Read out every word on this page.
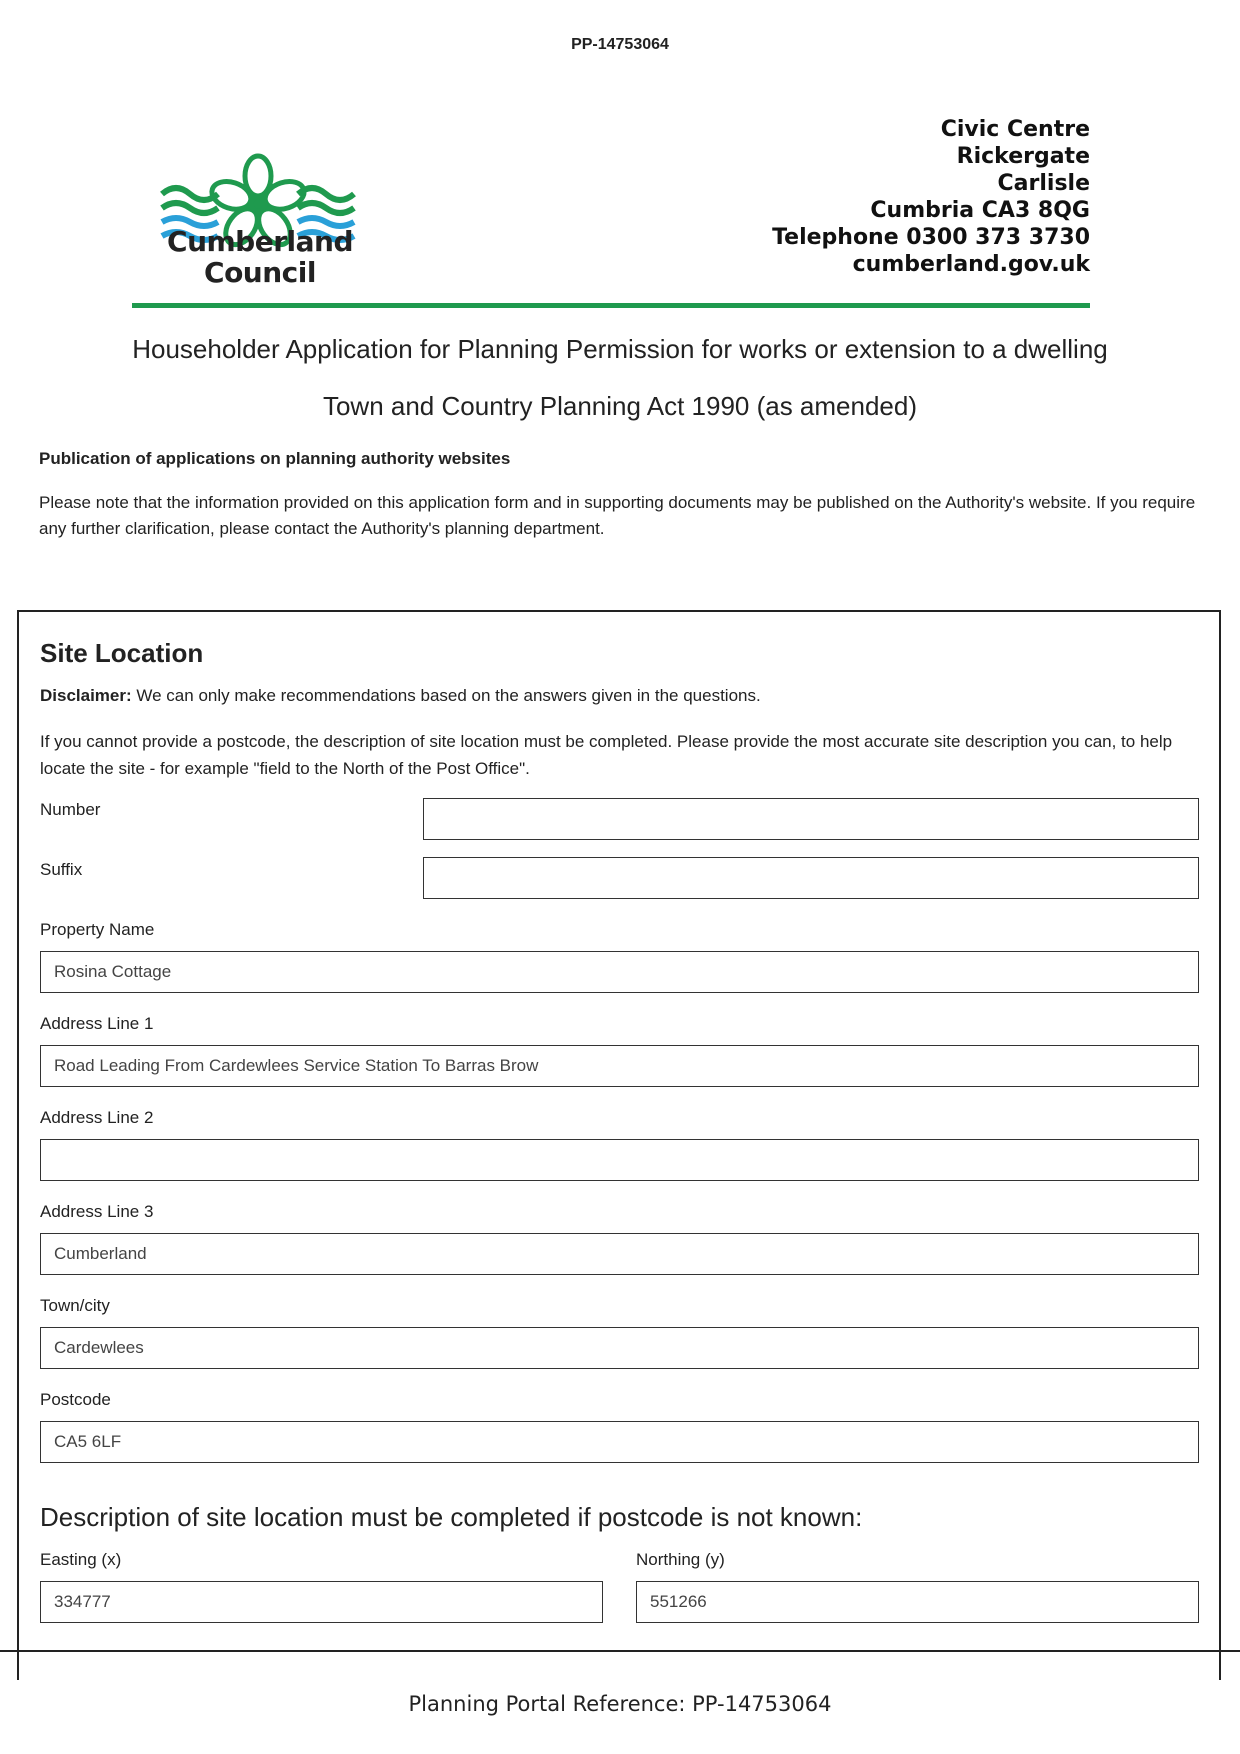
PP-14753064
Cumberland
Council
Civic Centre
Rickergate
Carlisle
Cumbria CA3 8QG
Telephone 0300 373 3730
cumberland.gov.uk
Householder Application for Planning Permission for works or extension to a dwelling
Town and Country Planning Act 1990 (as amended)
Publication of applications on planning authority websites
Please note that the information provided on this application form and in supporting documents may be published on the Authority's website. If you require any further clarification, please contact the Authority's planning department.
Site Location
Disclaimer: We can only make recommendations based on the answers given in the questions.
If you cannot provide a postcode, the description of site location must be completed. Please provide the most accurate site description you can, to help locate the site - for example "field to the North of the Post Office".
Number
Suffix
Property Name
Rosina Cottage
Address Line 1
Road Leading From Cardewlees Service Station To Barras Brow
Address Line 2
Address Line 3
Cumberland
Town/city
Cardewlees
Postcode
CA5 6LF
Description of site location must be completed if postcode is not known:
Easting (x)
334777
Northing (y)
551266
Planning Portal Reference: PP-14753064
